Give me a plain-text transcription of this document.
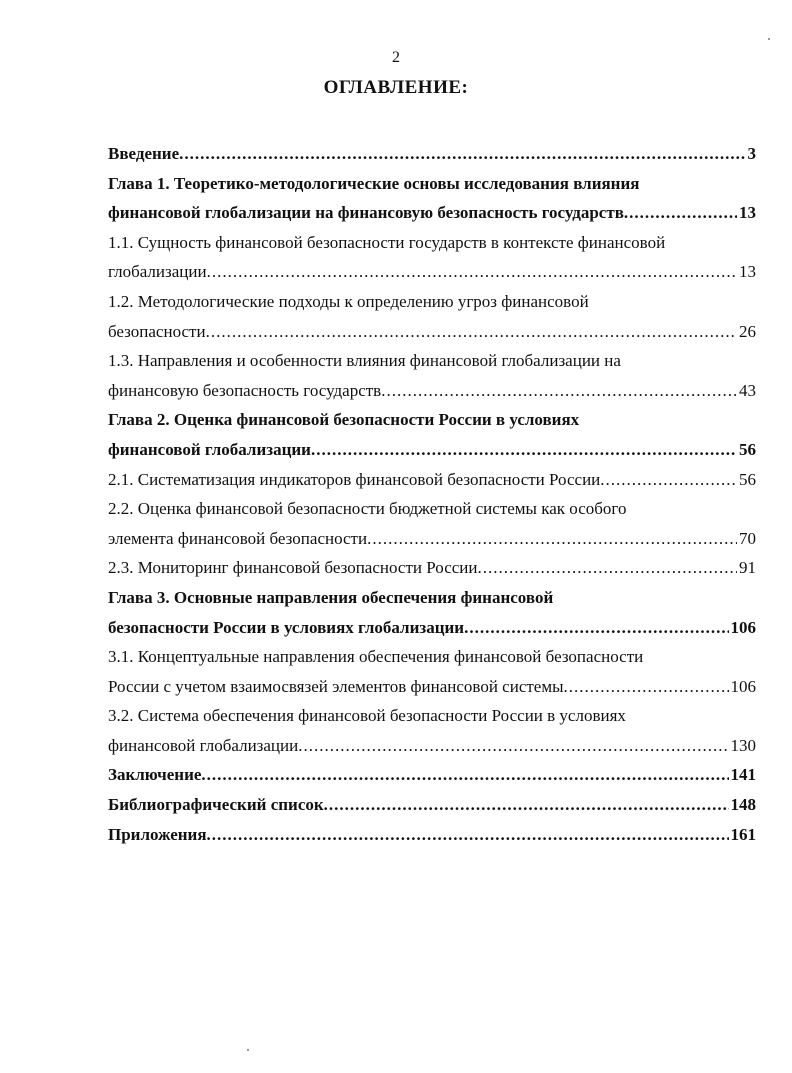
2
ОГЛАВЛЕНИЕ:
Введение .....	3
Глава 1. Теоретико-методологические основы исследования влияния
финансовой глобализации на финансовую безопасность государств .....	13
1.1. Сущность финансовой безопасности государств в контексте финансовой
глобализации .....	13
1.2. Методологические подходы к определению угроз финансовой
безопасности .....	26
1.3. Направления и особенности влияния финансовой глобализации на
финансовую безопасность государств .....	43
Глава 2. Оценка финансовой безопасности России в условиях
финансовой глобализации .....	56
2.1. Систематизация индикаторов финансовой безопасности России .....	56
2.2. Оценка финансовой безопасности бюджетной системы как особого
элемента финансовой безопасности .....	70
2.3. Мониторинг финансовой безопасности России .....	91
Глава 3. Основные направления обеспечения финансовой
безопасности России в условиях глобализации .....	106
3.1. Концептуальные направления обеспечения финансовой безопасности
России с учетом взаимосвязей элементов финансовой системы .....	106
3.2. Система обеспечения финансовой безопасности России в условиях
финансовой глобализации .....	130
Заключение .....	141
Библиографический список .....	148
Приложения .....	161
